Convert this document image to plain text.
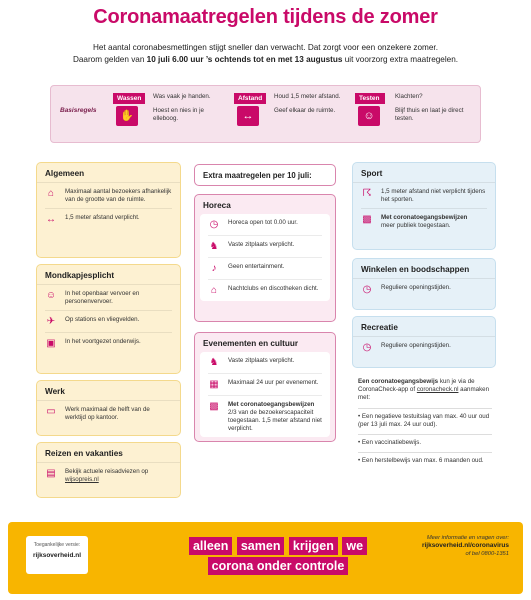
Coronamaatregelen tijdens de zomer
Het aantal coronabesmettingen stijgt sneller dan verwacht. Dat zorgt voor een onzekere zomer.
Daarom gelden van 10 juli 6.00 uur ’s ochtends tot en met 13 augustus uit voorzorg extra maatregelen.
Basisregels
Wassen
✋

Was vaak je handen.

Hoest en nies in je elleboog.

Afstand
↔

Houd 1,5 meter afstand.

Geef elkaar de ruimte.

Testen
☺

Klachten?

Blijf thuis en laat je direct testen.

Algemeen
⌂	Maximaal aantal bezoekers afhankelijk van de grootte van de ruimte.
↔ 1,5 meter afstand verplicht.
Mondkapjesplicht
☺ In het openbaar vervoer en personenvervoer.
✈ Op stations en vliegvelden.
▣ In het voortgezet onderwijs.
Werk
▭ Werk maximaal de helft van de werktijd op kantoor.
Reizen en vakanties
▤ Bekijk actuele reisadviezen op wijsopreis.nl
Extra maatregelen per 10 juli:
Horeca
◷ Horeca open tot 0.00 uur.
♞ Vaste zitplaats verplicht.
♪	Geen entertainment.
⌂	Nachtclubs en discotheken dicht.
Evenementen en cultuur
♞ Vaste zitplaats verplicht.
▦ Maximaal 24 uur per evenement.
▩ Met coronatoegangsbewijzen
2/3 van de bezoekerscapaciteit toegestaan. 1,5 meter afstand niet verplicht.
Sport
☈ 1,5 meter afstand niet verplicht tijdens het sporten.
▩ Met coronatoegangsbewijzen
meer publiek toegestaan.
Winkelen en boodschappen
◷ Reguliere openingstijden.
Recreatie
◷ Reguliere openingstijden.
Een coronatoegangsbewijs kun je via de CoronaCheck-app of coronacheck.nl aanmaken met:
• Een negatieve testuitslag van max. 40 uur oud (per 13 juli max. 24 uur oud).
• Een vaccinatiebewijs.
• Een herstelbewijs van max. 6 maanden oud.
Toegankelijke versie:
rijksoverheid.nl
alleen samen krijgen we
corona onder controle
Meer informatie en vragen over:
rijksoverheid.nl/coronavirus
of bel 0800-1351
